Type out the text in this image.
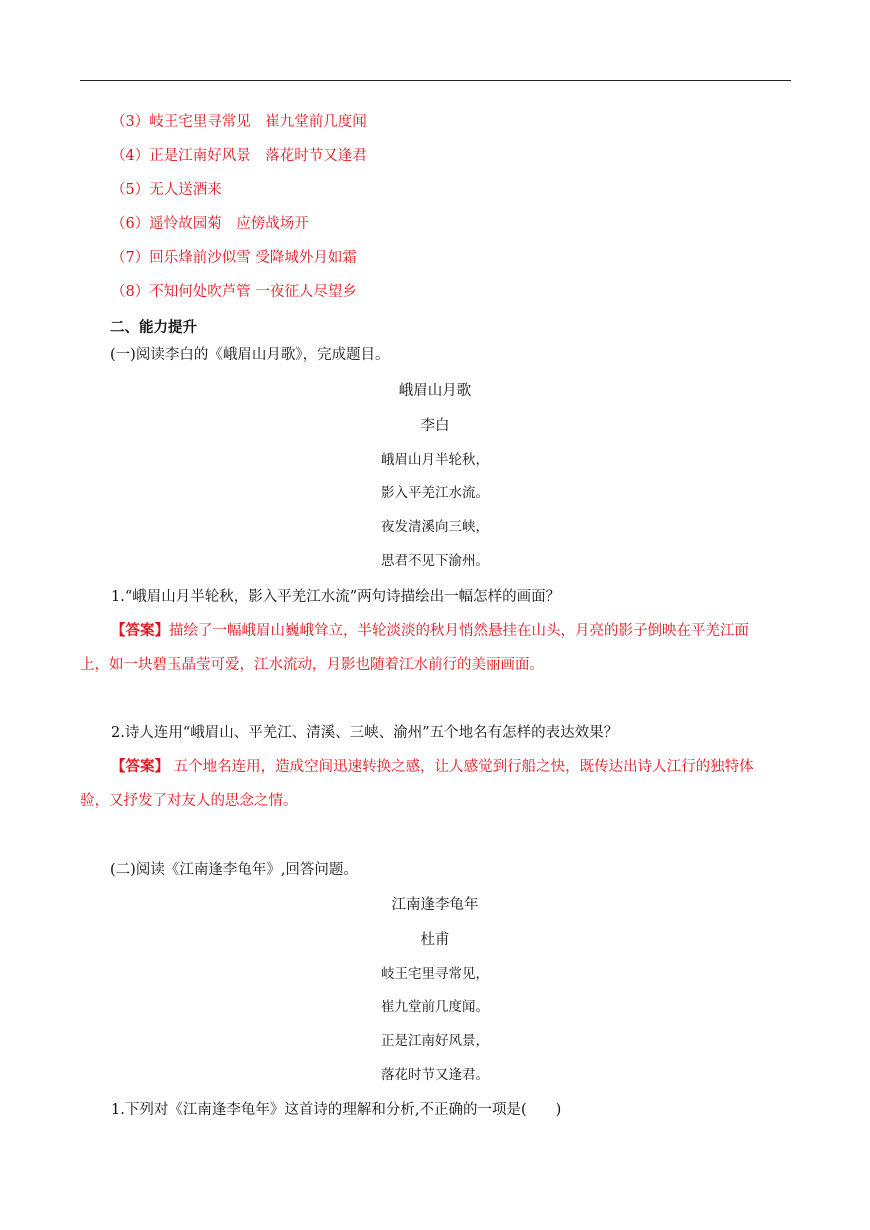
（3）岐王宅里寻常见　崔九堂前几度闻
（4）正是江南好风景　落花时节又逢君
（5）无人送酒来
（6）遥怜故园菊　应傍战场开
（7）回乐烽前沙似雪 受降城外月如霜
（8）不知何处吹芦管 一夜征人尽望乡
二、能力提升
(一)阅读李白的《峨眉山月歌》，完成题目。
峨眉山月歌
李白
峨眉山月半轮秋，
影入平羌江水流。
夜发清溪向三峡，
思君不见下渝州。
1.“峨眉山月半轮秋，影入平羌江水流”两句诗描绘出一幅怎样的画面？
【答案】描绘了一幅峨眉山巍峨耸立，半轮淡淡的秋月悄然悬挂在山头，月亮的影子倒映在平羌江面
上，如一块碧玉晶莹可爱，江水流动，月影也随着江水前行的美丽画面。
2.诗人连用“峨眉山、平羌江、清溪、三峡、渝州”五个地名有怎样的表达效果？
【答案】 五个地名连用，造成空间迅速转换之感，让人感觉到行船之快，既传达出诗人江行的独特体
验，又抒发了对友人的思念之情。
(二)阅读《江南逢李龟年》,回答问题。
江南逢李龟年
杜甫
岐王宅里寻常见，
崔九堂前几度闻。
正是江南好风景，
落花时节又逢君。
1.下列对《江南逢李龟年》这首诗的理解和分析,不正确的一项是(　　)
